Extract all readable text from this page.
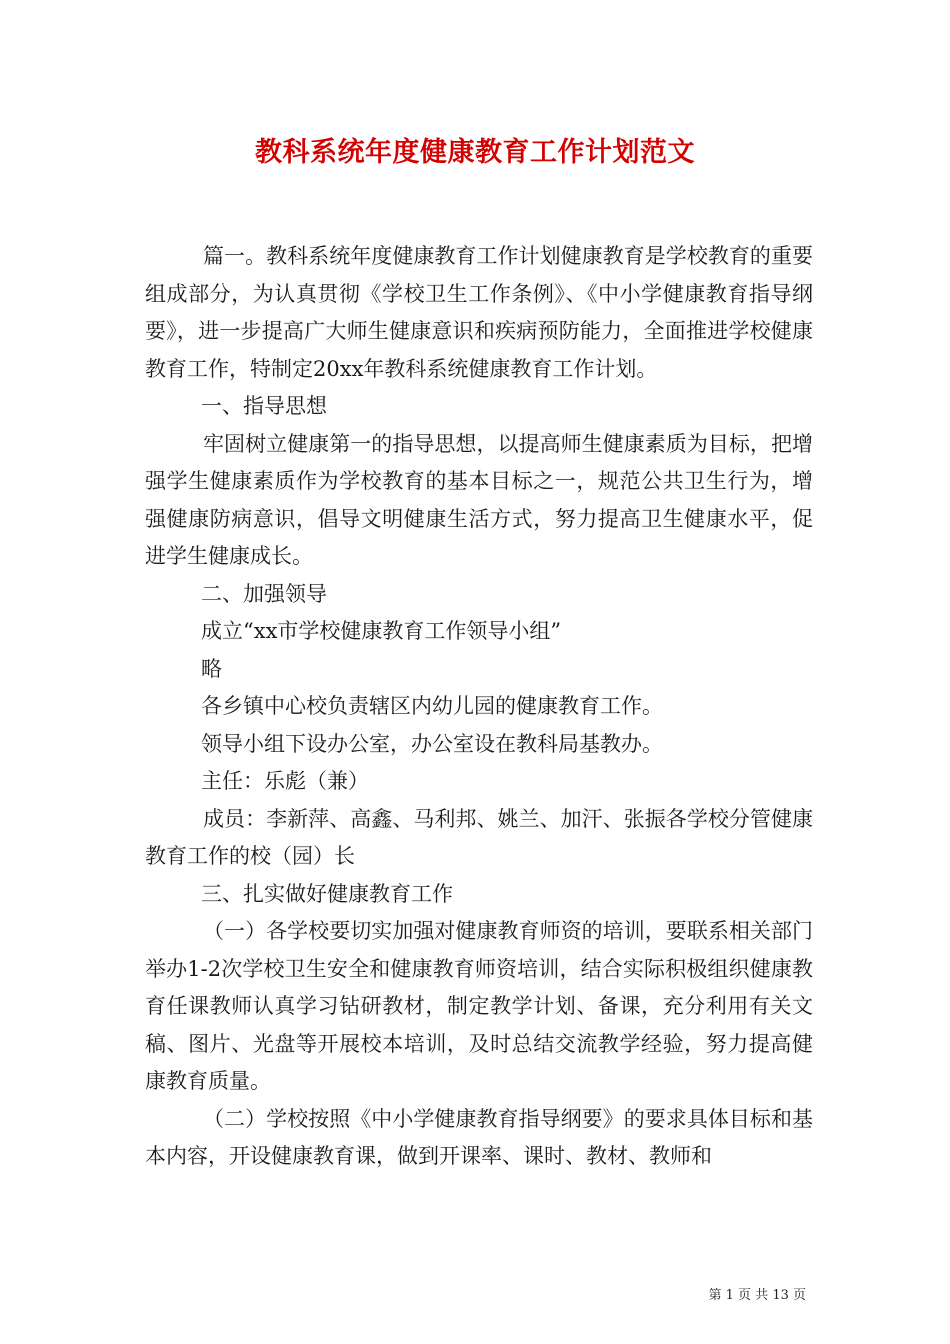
教科系统年度健康教育工作计划范文

篇一。教科系统年度健康教育工作计划健康教育是学校教育的重要组成部分，为认真贯彻《学校卫生工作条例》、《中小学健康教育指导纲要》，进一步提高广大师生健康意识和疾病预防能力，全面推进学校健康教育工作，特制定20xx年教科系统健康教育工作计划。

一、指导思想

牢固树立健康第一的指导思想，以提高师生健康素质为目标，把增强学生健康素质作为学校教育的基本目标之一，规范公共卫生行为，增强健康防病意识，倡导文明健康生活方式，努力提高卫生健康水平，促进学生健康成长。

二、加强领导

成立“xx市学校健康教育工作领导小组”

略

各乡镇中心校负责辖区内幼儿园的健康教育工作。

领导小组下设办公室，办公室设在教科局基教办。

主任：乐彪（兼）

成员：李新萍、高鑫、马利邦、姚兰、加汗、张振各学校分管健康教育工作的校（园）长

三、扎实做好健康教育工作

（一）各学校要切实加强对健康教育师资的培训，要联系相关部门举办1-2次学校卫生安全和健康教育师资培训，结合实际积极组织健康教育任课教师认真学习钻研教材，制定教学计划、备课，充分利用有关文稿、图片、光盘等开展校本培训，及时总结交流教学经验，努力提高健康教育质量。

（二）学校按照《中小学健康教育指导纲要》的要求具体目标和基本内容，开设健康教育课，做到开课率、课时、教材、教师和

第 1 页 共 13 页
